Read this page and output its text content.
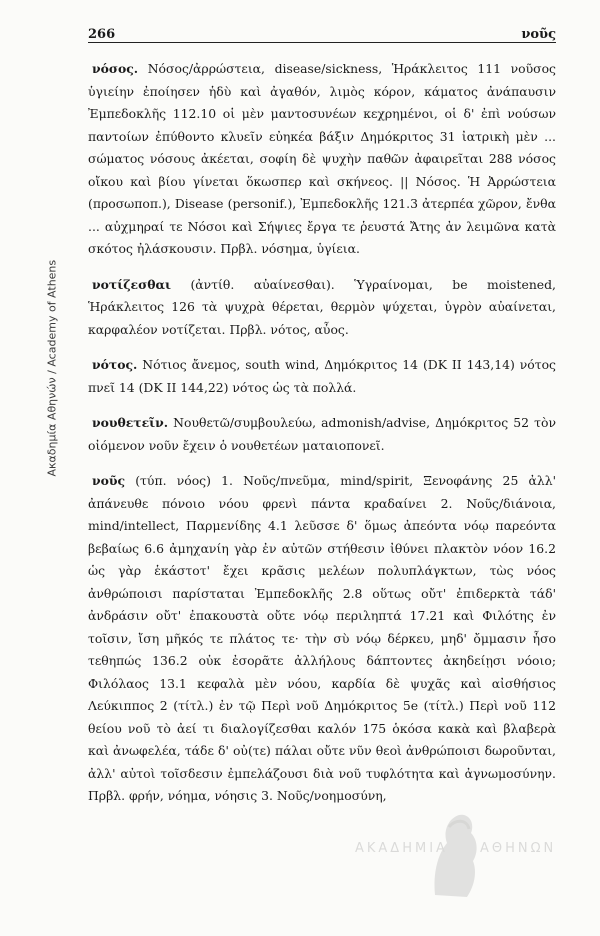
Ακαδημία Αθηνών / Academy of Athens
266	νοῦς

νόσος. Νόσος/ἀρρώστεια, disease/sickness, Ἡράκλειτος 111 νοῦσος ὑγιείην ἐποίησεν ἡδὺ καὶ ἀγαθόν, λιμὸς κόρον, κάματος ἀνάπαυσιν Ἐμπεδοκλῆς 112.10 οἱ μὲν μαντοσυνέων κεχρημένοι, οἱ δ' ἐπὶ νούσων παντοίων ἐπύθοντο κλυεῖν εὐηκέα βάξιν Δημόκριτος 31 ἰατρικὴ μὲν ... σώματος νόσους ἀκέεται, σοφίη δὲ ψυχὴν παθῶν ἀφαιρεῖται 288 νόσος οἴκου καὶ βίου γίνεται ὅκωσπερ καὶ σκήνεος. || Νόσος. Ἡ Ἀρρώστεια (προσωποπ.), Disease (personif.), Ἐμπεδοκλῆς 121.3 ἀτερπέα χῶρον, ἔνθα ... αὐχμηραί τε Νόσοι καὶ Σήψιες ἔργα τε ῥευστά Ἄτης ἀν λειμῶνα κατὰ σκότος ἠλάσκουσιν. Πρβλ. νόσημα, ὑγίεια.

νοτίζεσθαι (ἀντίθ. αὐαίνεσθαι). Ὑγραίνομαι, be moistened, Ἡράκλειτος 126 τὰ ψυχρὰ θέρεται, θερμὸν ψύχεται, ὑγρὸν αὐαίνεται, καρφαλέον νοτίζεται. Πρβλ. νότος, αὖος.

νότος. Νότιος ἄνεμος, south wind, Δημόκριτος 14 (DK II 143,14) νότος πνεῖ 14 (DK II 144,22) νότος ὡς τὰ πολλά.

νουθετεῖν. Νουθετῶ/συμβουλεύω, admonish/advise, Δημόκριτος 52 τὸν οἰόμενον νοῦν ἔχειν ὁ νουθετέων ματαιοπονεῖ.

νοῦς (τύπ. νόος) 1. Νοῦς/πνεῦμα, mind/spirit, Ξενοφάνης 25 ἀλλ' ἀπάνευθε πόνοιο νόου φρενὶ πάντα κραδαίνει 2. Νοῦς/διάνοια, mind/intellect, Παρμενίδης 4.1 λεῦσσε δ' ὅμως ἀπεόντα νόῳ παρεόντα βεβαίως 6.6 ἀμηχανίη γὰρ ἐν αὐτῶν στήθεσιν ἰθύνει πλακτὸν νόον 16.2 ὡς γὰρ ἑκάστοτ' ἔχει κρᾶσις μελέων πολυπλάγκτων, τὼς νόος ἀνθρώποισι παρίσταται Ἐμπεδοκλῆς 2.8 οὕτως οὔτ' ἐπιδερκτὰ τάδ' ἀνδράσιν οὔτ' ἐπακουστὰ οὔτε νόῳ περιληπτά 17.21 καὶ Φιλότης ἐν τοῖσιν, ἴση μῆκός τε πλάτος τε· τὴν σὺ νόῳ δέρκευ, μηδ' ὄμμασιν ἧσο τεθηπώς 136.2 οὐκ ἐσορᾶτε ἀλλήλους δάπτοντες ἀκηδείῃσι νόοιο; Φιλόλαος 13.1 κεφαλὰ μὲν νόου, καρδία δὲ ψυχᾶς καὶ αἰσθήσιος Λεύκιππος 2 (τίτλ.) ἐν τῷ Περὶ νοῦ Δημόκριτος 5e (τίτλ.) Περὶ νοῦ 112 θείου νοῦ τὸ ἀεί τι διαλογίζεσθαι καλόν 175 ὁκόσα κακὰ καὶ βλαβερὰ καὶ ἀνωφελέα, τάδε δ' οὐ(τε) πάλαι οὔτε νῦν θεοὶ ἀνθρώποισι δωροῦνται, ἀλλ' αὐτοὶ τοῖσδεσιν ἐμπελάζουσι διὰ νοῦ τυφλότητα καὶ ἀγνωμοσύνην. Πρβλ. φρήν, νόημα, νόησις 3. Νοῦς/νοημοσύνη,

ΑΚΑΔΗΜΙΑ ΑΘΗΝΩΝ
